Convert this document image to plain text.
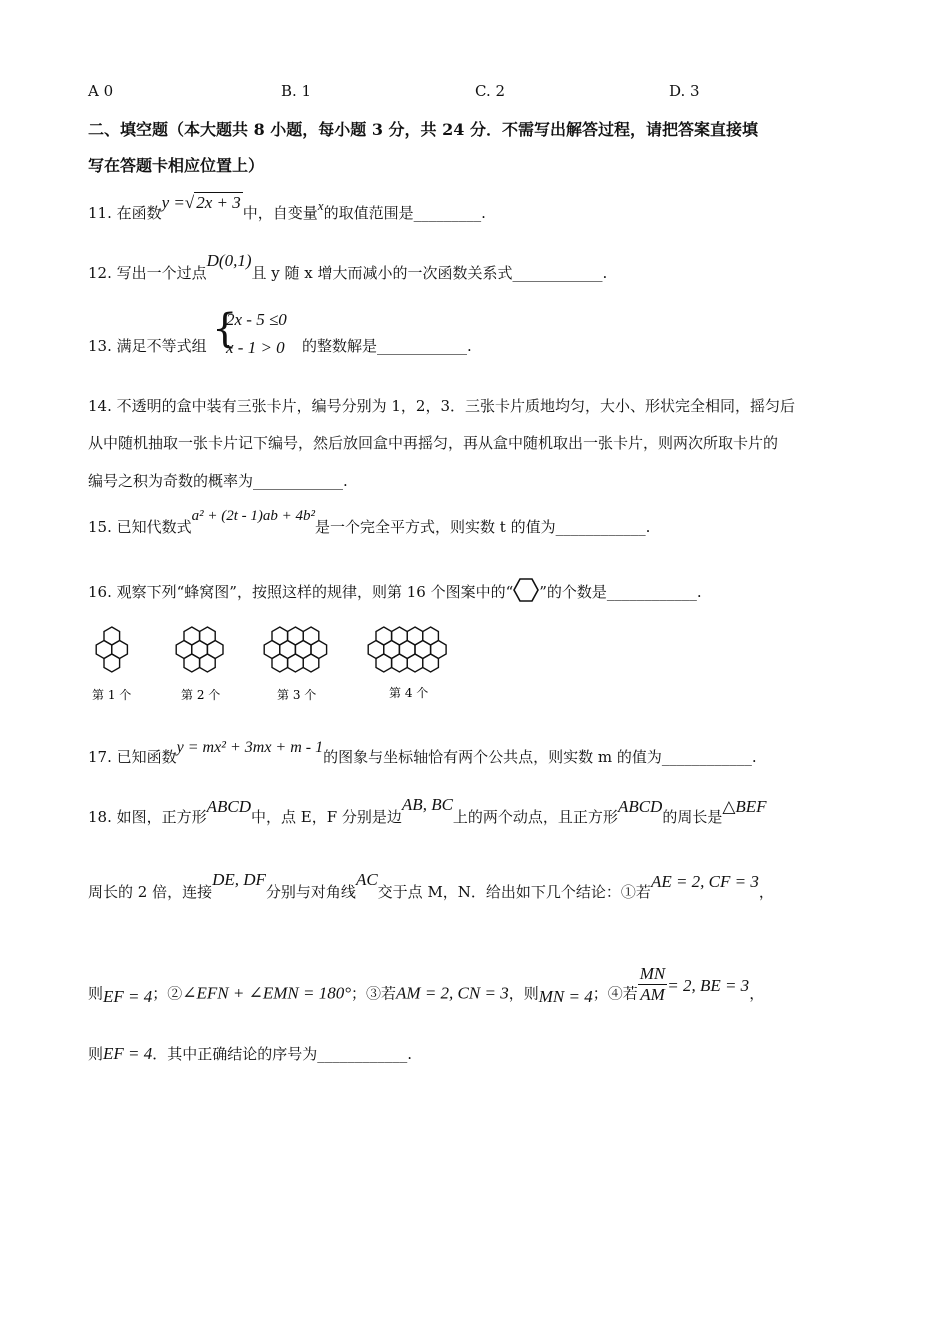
A 0	B. 1	C. 2	D. 3
二、填空题（本大题共 8 小题，每小题 3 分，共 24 分．不需写出解答过程，请把答案直接填
写在答题卡相应位置上）
11. 在函数y =√ 2x + 3中，自变量x的取值范围是_________.
12. 写出一个过点D(0,1)且 y 随 x 增大而减小的一次函数关系式____________.
13. 满足不等式组 {
2x - 5 ≤0
x - 1 > 0 的整数解是____________.
14. 不透明的盒中装有三张卡片，编号分别为 1，2，3．三张卡片质地均匀，大小、形状完全相同，摇匀后
从中随机抽取一张卡片记下编号，然后放回盒中再摇匀，再从盒中随机取出一张卡片，则两次所取卡片的
编号之积为奇数的概率为____________.
15. 已知代数式a² + (2t - 1)ab + 4b²是一个完全平方式，则实数 t 的值为____________.
16. 观察下列“蜂窝图”，按照这样的规律，则第 16 个图案中的“ ”的个数是____________.
第 1 个	第 2 个	第 3 个	第 4 个
17. 已知函数y = mx² + 3mx + m - 1的图象与坐标轴恰有两个公共点，则实数 m 的值为____________.
18. 如图，正方形ABCD中，点 E，F 分别是边AB, BC上的两个动点，且正方形ABCD的周长是△BEF
周长的 2 倍，连接DE, DF分别与对角线AC交于点 M，N．给出如下几个结论：①若AE = 2, CF = 3，
则EF = 4；②∠EFN + ∠EMN = 180°；③若AM = 2, CN = 3，则MN = 4；④若 $\frac{MN}{AM} = 2$, BE = 3，
则EF = 4．其中正确结论的序号为____________.
